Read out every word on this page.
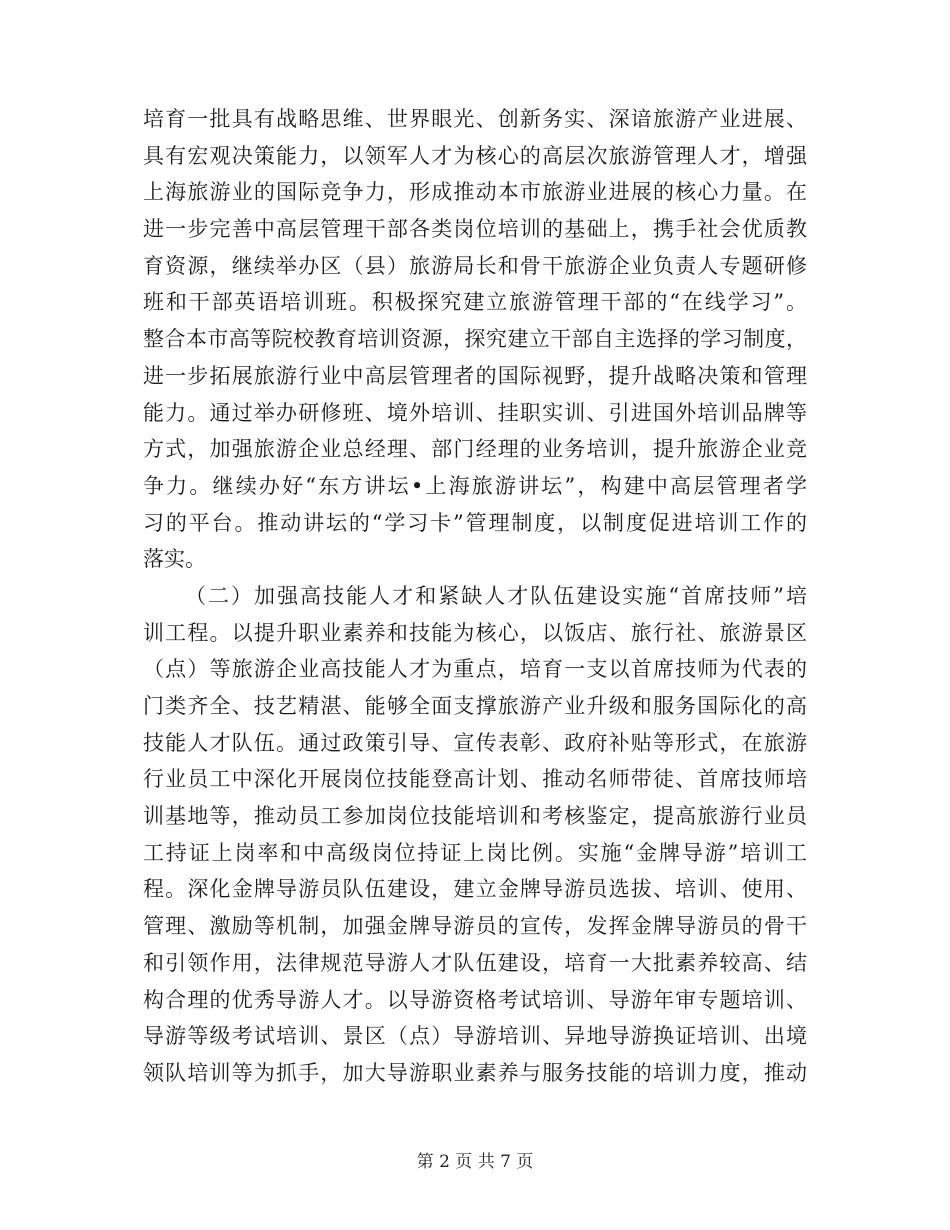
培育一批具有战略思维、世界眼光、创新务实、深谙旅游产业进展、
具有宏观决策能力，以领军人才为核心的高层次旅游管理人才，增强
上海旅游业的国际竞争力，形成推动本市旅游业进展的核心力量。在
进一步完善中高层管理干部各类岗位培训的基础上，携手社会优质教
育资源，继续举办区（县）旅游局长和骨干旅游企业负责人专题研修
班和干部英语培训班。积极探究建立旅游管理干部的“在线学习”。
整合本市高等院校教育培训资源，探究建立干部自主选择的学习制度，
进一步拓展旅游行业中高层管理者的国际视野，提升战略决策和管理
能力。通过举办研修班、境外培训、挂职实训、引进国外培训品牌等
方式，加强旅游企业总经理、部门经理的业务培训，提升旅游企业竞
争力。继续办好“东方讲坛•上海旅游讲坛”，构建中高层管理者学
习的平台。推动讲坛的“学习卡”管理制度，以制度促进培训工作的
落实。
（二）加强高技能人才和紧缺人才队伍建设实施“首席技师”培
训工程。以提升职业素养和技能为核心，以饭店、旅行社、旅游景区
（点）等旅游企业高技能人才为重点，培育一支以首席技师为代表的
门类齐全、技艺精湛、能够全面支撑旅游产业升级和服务国际化的高
技能人才队伍。通过政策引导、宣传表彰、政府补贴等形式，在旅游
行业员工中深化开展岗位技能登高计划、推动名师带徒、首席技师培
训基地等，推动员工参加岗位技能培训和考核鉴定，提高旅游行业员
工持证上岗率和中高级岗位持证上岗比例。实施“金牌导游”培训工
程。深化金牌导游员队伍建设，建立金牌导游员选拔、培训、使用、
管理、激励等机制，加强金牌导游员的宣传，发挥金牌导游员的骨干
和引领作用，法律规范导游人才队伍建设，培育一大批素养较高、结
构合理的优秀导游人才。以导游资格考试培训、导游年审专题培训、
导游等级考试培训、景区（点）导游培训、异地导游换证培训、出境
领队培训等为抓手，加大导游职业素养与服务技能的培训力度，推动
第 2 页 共 7 页
